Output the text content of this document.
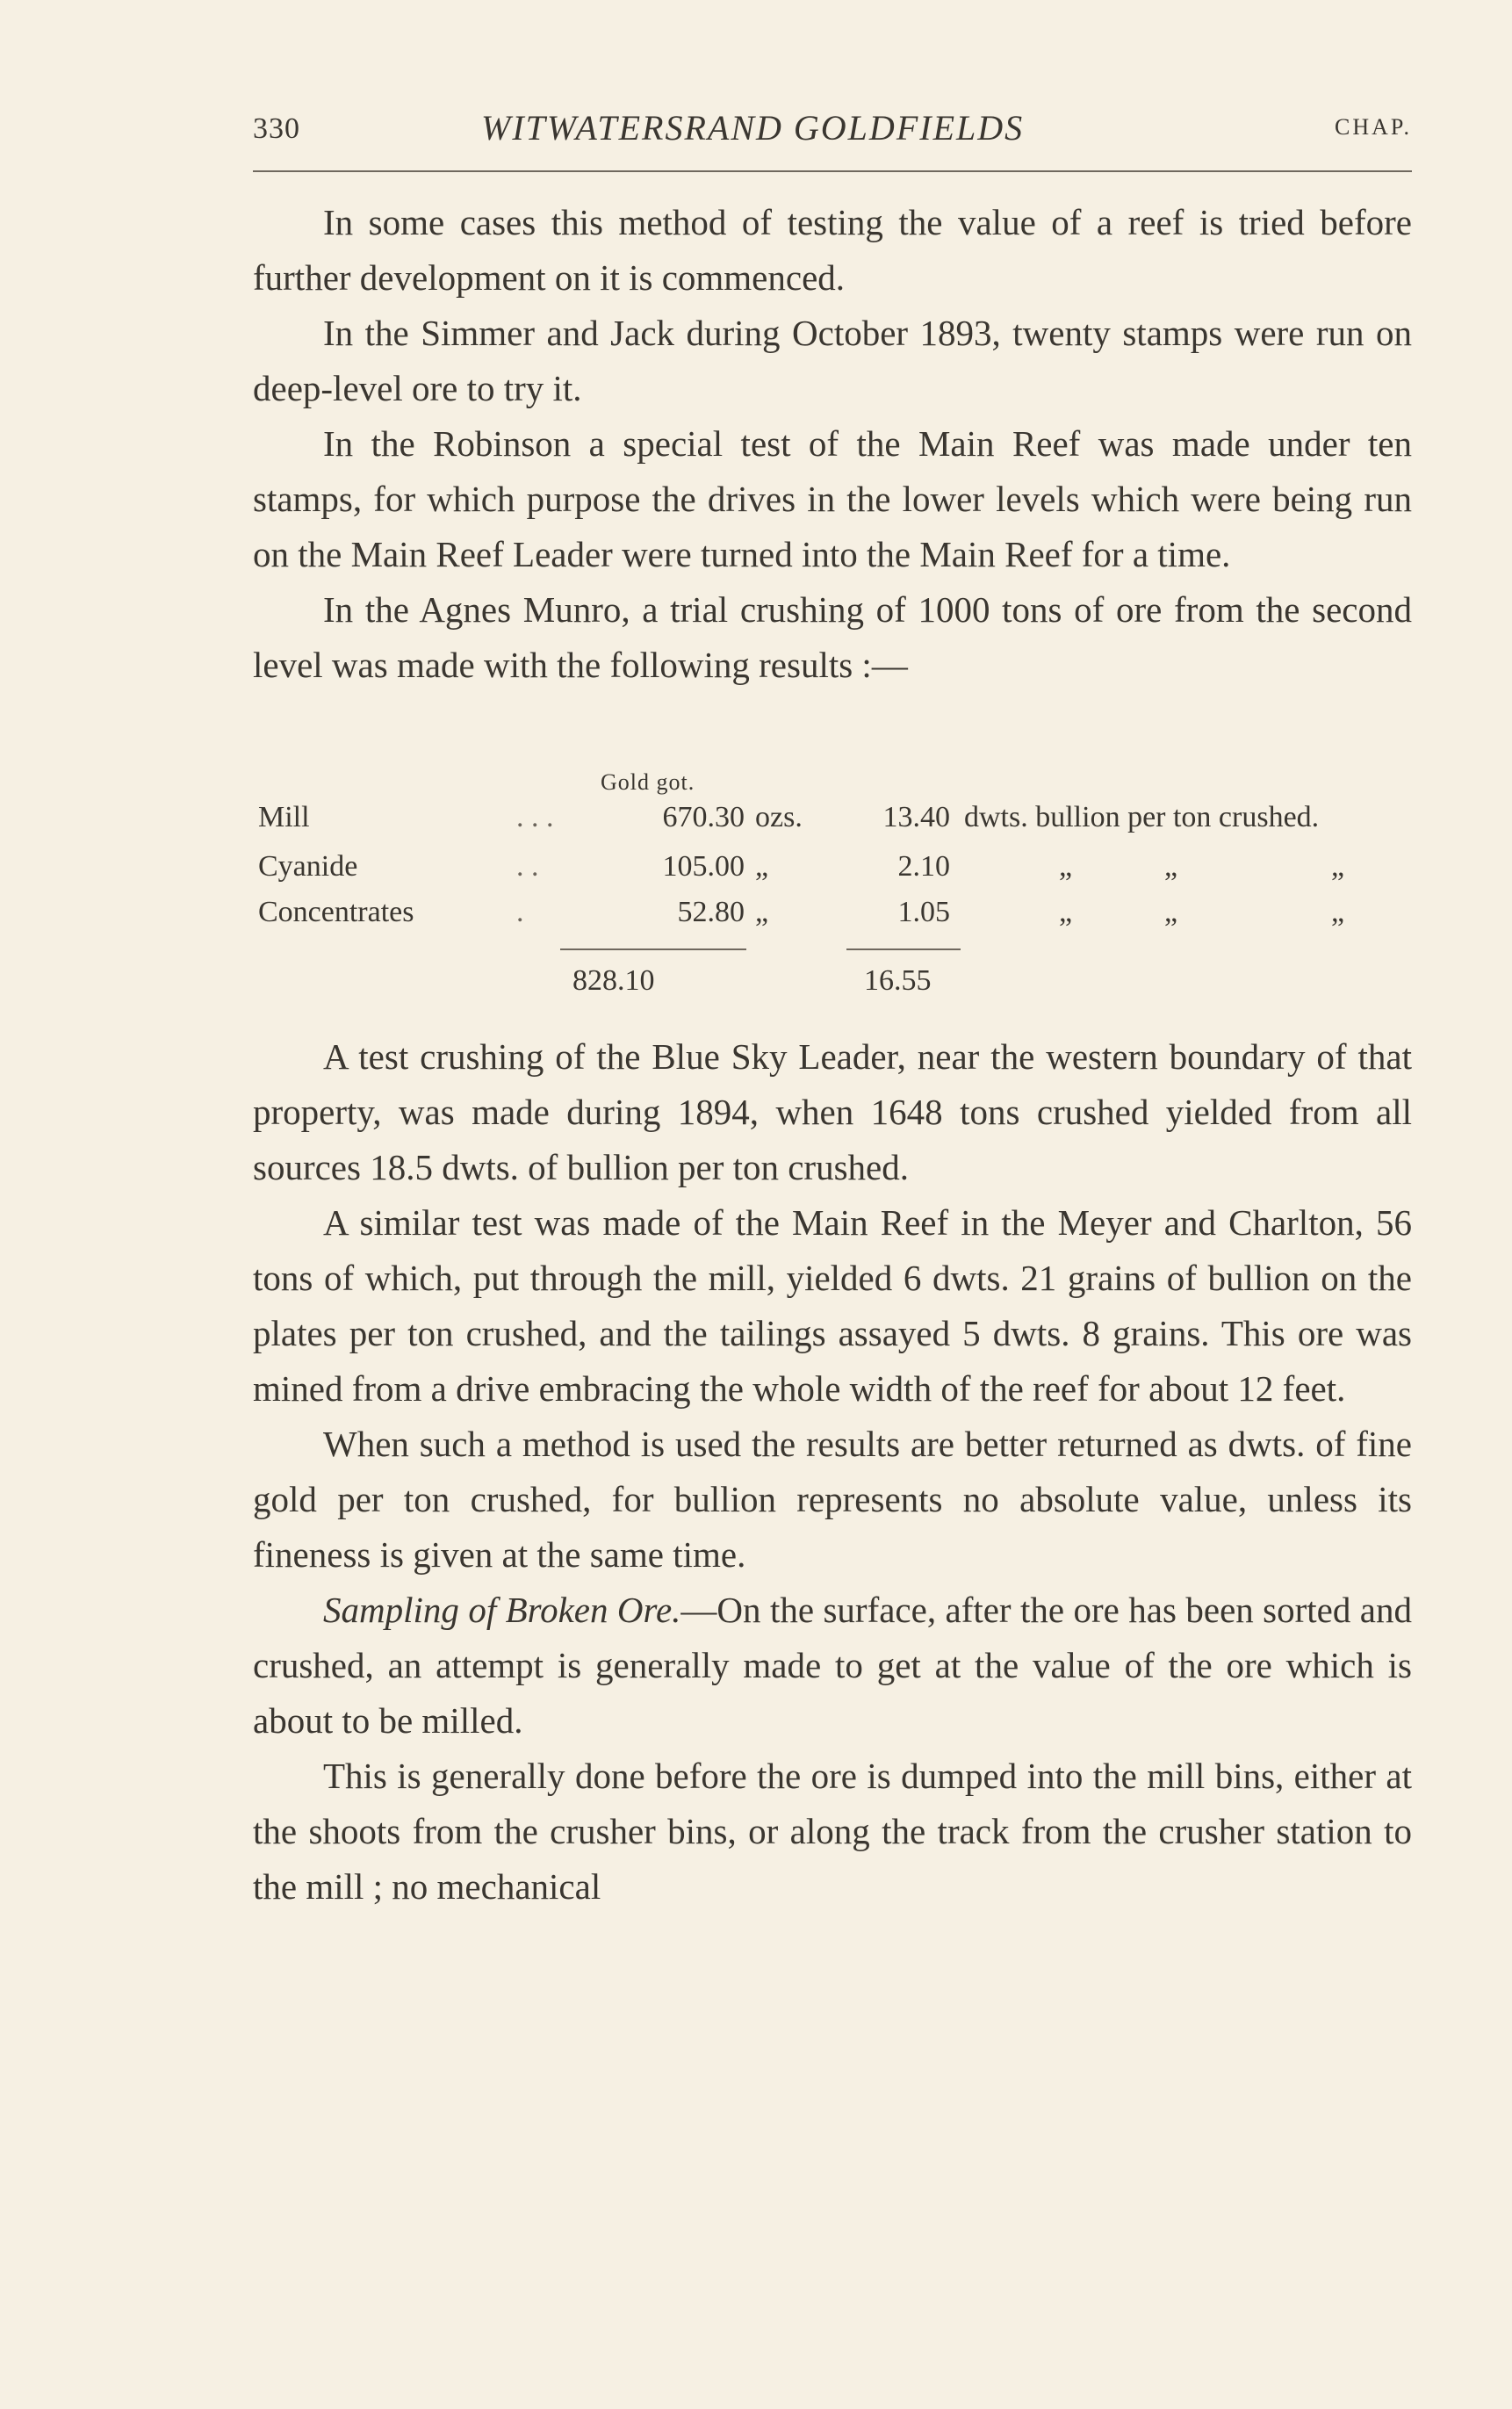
330	WITWATERSRAND GOLDFIELDS	CHAP.

In some cases this method of testing the value of a reef is tried before further development on it is commenced.

In the Simmer and Jack during October 1893, twenty stamps were run on deep-level ore to try it.

In the Robinson a special test of the Main Reef was made under ten stamps, for which purpose the drives in the lower levels which were being run on the Main Reef Leader were turned into the Main Reef for a time.

In the Agnes Munro, a trial crushing of 1000 tons of ore from the second level was made with the following results :—

Gold got.
Mill	. . .	670.30 ozs.	13.40 dwts. bullion per ton crushed.
Cyanide	. .	105.00 „	2.10	„	„	„
Concentrates	.	52.80 „	1.05	„	„	„
828.10	16.55

A test crushing of the Blue Sky Leader, near the western boundary of that property, was made during 1894, when 1648 tons crushed yielded from all sources 18.5 dwts. of bullion per ton crushed.

A similar test was made of the Main Reef in the Meyer and Charlton, 56 tons of which, put through the mill, yielded 6 dwts. 21 grains of bullion on the plates per ton crushed, and the tailings assayed 5 dwts. 8 grains. This ore was mined from a drive embracing the whole width of the reef for about 12 feet.

When such a method is used the results are better returned as dwts. of fine gold per ton crushed, for bullion represents no absolute value, unless its fineness is given at the same time.

Sampling of Broken Ore.—On the surface, after the ore has been sorted and crushed, an attempt is generally made to get at the value of the ore which is about to be milled.

This is generally done before the ore is dumped into the mill bins, either at the shoots from the crusher bins, or along the track from the crusher station to the mill ; no mechanical
